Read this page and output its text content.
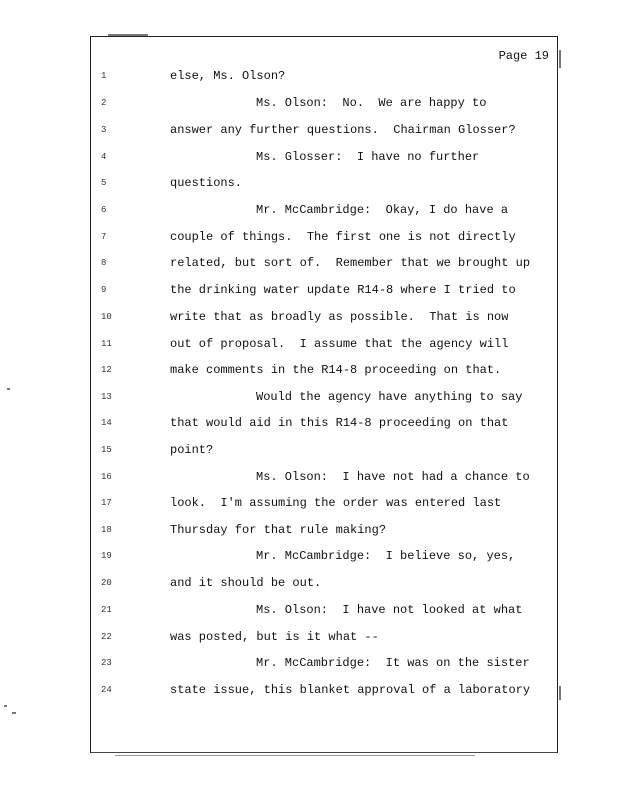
Page 19
1	else, Ms. Olson?
2	Ms. Olson:  No.  We are happy to
3	answer any further questions.  Chairman Glosser?
4	Ms. Glosser:  I have no further
5	questions.
6	Mr. McCambridge:  Okay, I do have a
7	couple of things.  The first one is not directly
8	related, but sort of.  Remember that we brought up
9	the drinking water update R14-8 where I tried to
10	write that as broadly as possible.  That is now
11	out of proposal.  I assume that the agency will
12	make comments in the R14-8 proceeding on that.
13	Would the agency have anything to say
14	that would aid in this R14-8 proceeding on that
15	point?
16	Ms. Olson:  I have not had a chance to
17	look.  I'm assuming the order was entered last
18	Thursday for that rule making?
19	Mr. McCambridge:  I believe so, yes,
20	and it should be out.
21	Ms. Olson:  I have not looked at what
22	was posted, but is it what --
23	Mr. McCambridge:  It was on the sister
24	state issue, this blanket approval of a laboratory
